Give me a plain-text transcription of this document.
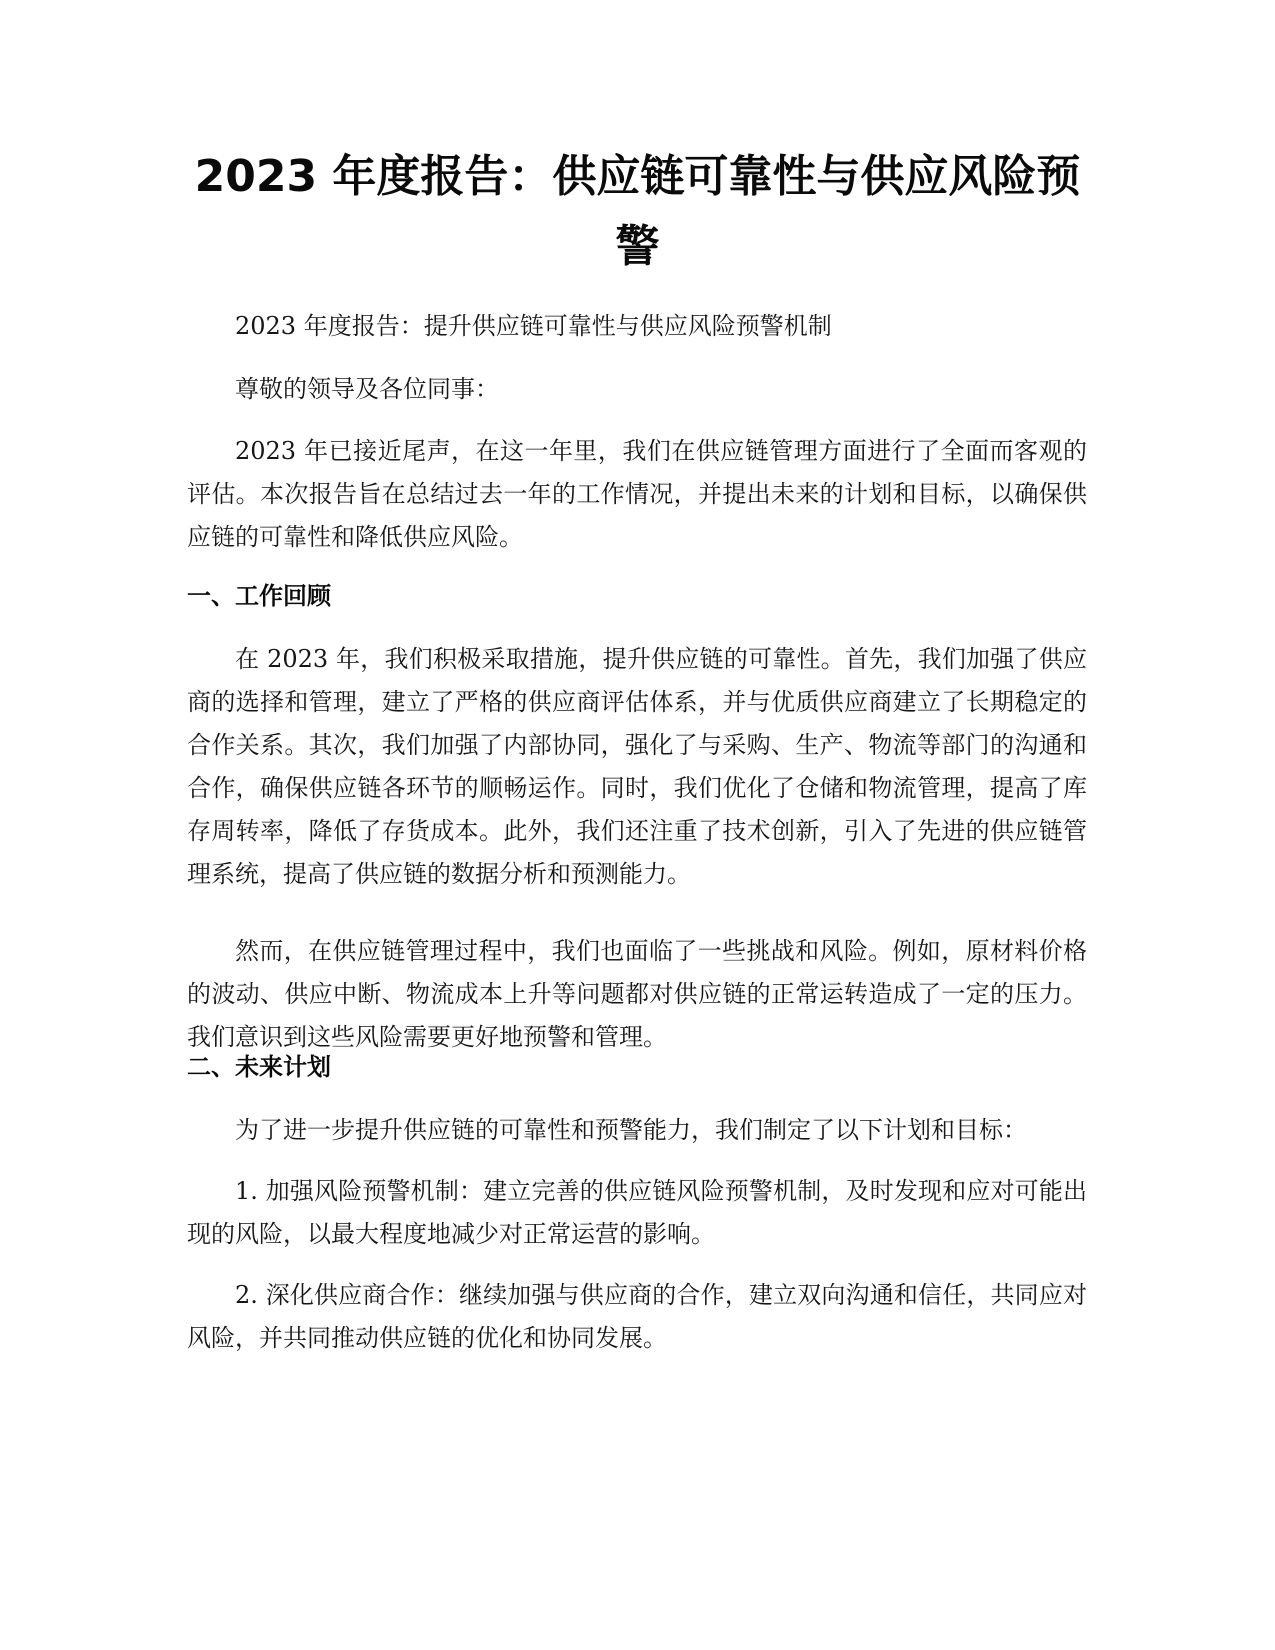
2023 年度报告：供应链可靠性与供应风险预警

2023 年度报告：提升供应链可靠性与供应风险预警机制

尊敬的领导及各位同事：

2023 年已接近尾声，在这一年里，我们在供应链管理方面进行了全面而客观的评估。本次报告旨在总结过去一年的工作情况，并提出未来的计划和目标，以确保供应链的可靠性和降低供应风险。

一、工作回顾

在 2023 年，我们积极采取措施，提升供应链的可靠性。首先，我们加强了供应商的选择和管理，建立了严格的供应商评估体系，并与优质供应商建立了长期稳定的合作关系。其次，我们加强了内部协同，强化了与采购、生产、物流等部门的沟通和合作，确保供应链各环节的顺畅运作。同时，我们优化了仓储和物流管理，提高了库存周转率，降低了存货成本。此外，我们还注重了技术创新，引入了先进的供应链管理系统，提高了供应链的数据分析和预测能力。

然而，在供应链管理过程中，我们也面临了一些挑战和风险。例如，原材料价格的波动、供应中断、物流成本上升等问题都对供应链的正常运转造成了一定的压力。我们意识到这些风险需要更好地预警和管理。

二、未来计划

为了进一步提升供应链的可靠性和预警能力，我们制定了以下计划和目标：

1. 加强风险预警机制：建立完善的供应链风险预警机制，及时发现和应对可能出现的风险，以最大程度地减少对正常运营的影响。

2. 深化供应商合作：继续加强与供应商的合作，建立双向沟通和信任，共同应对风险，并共同推动供应链的优化和协同发展。
